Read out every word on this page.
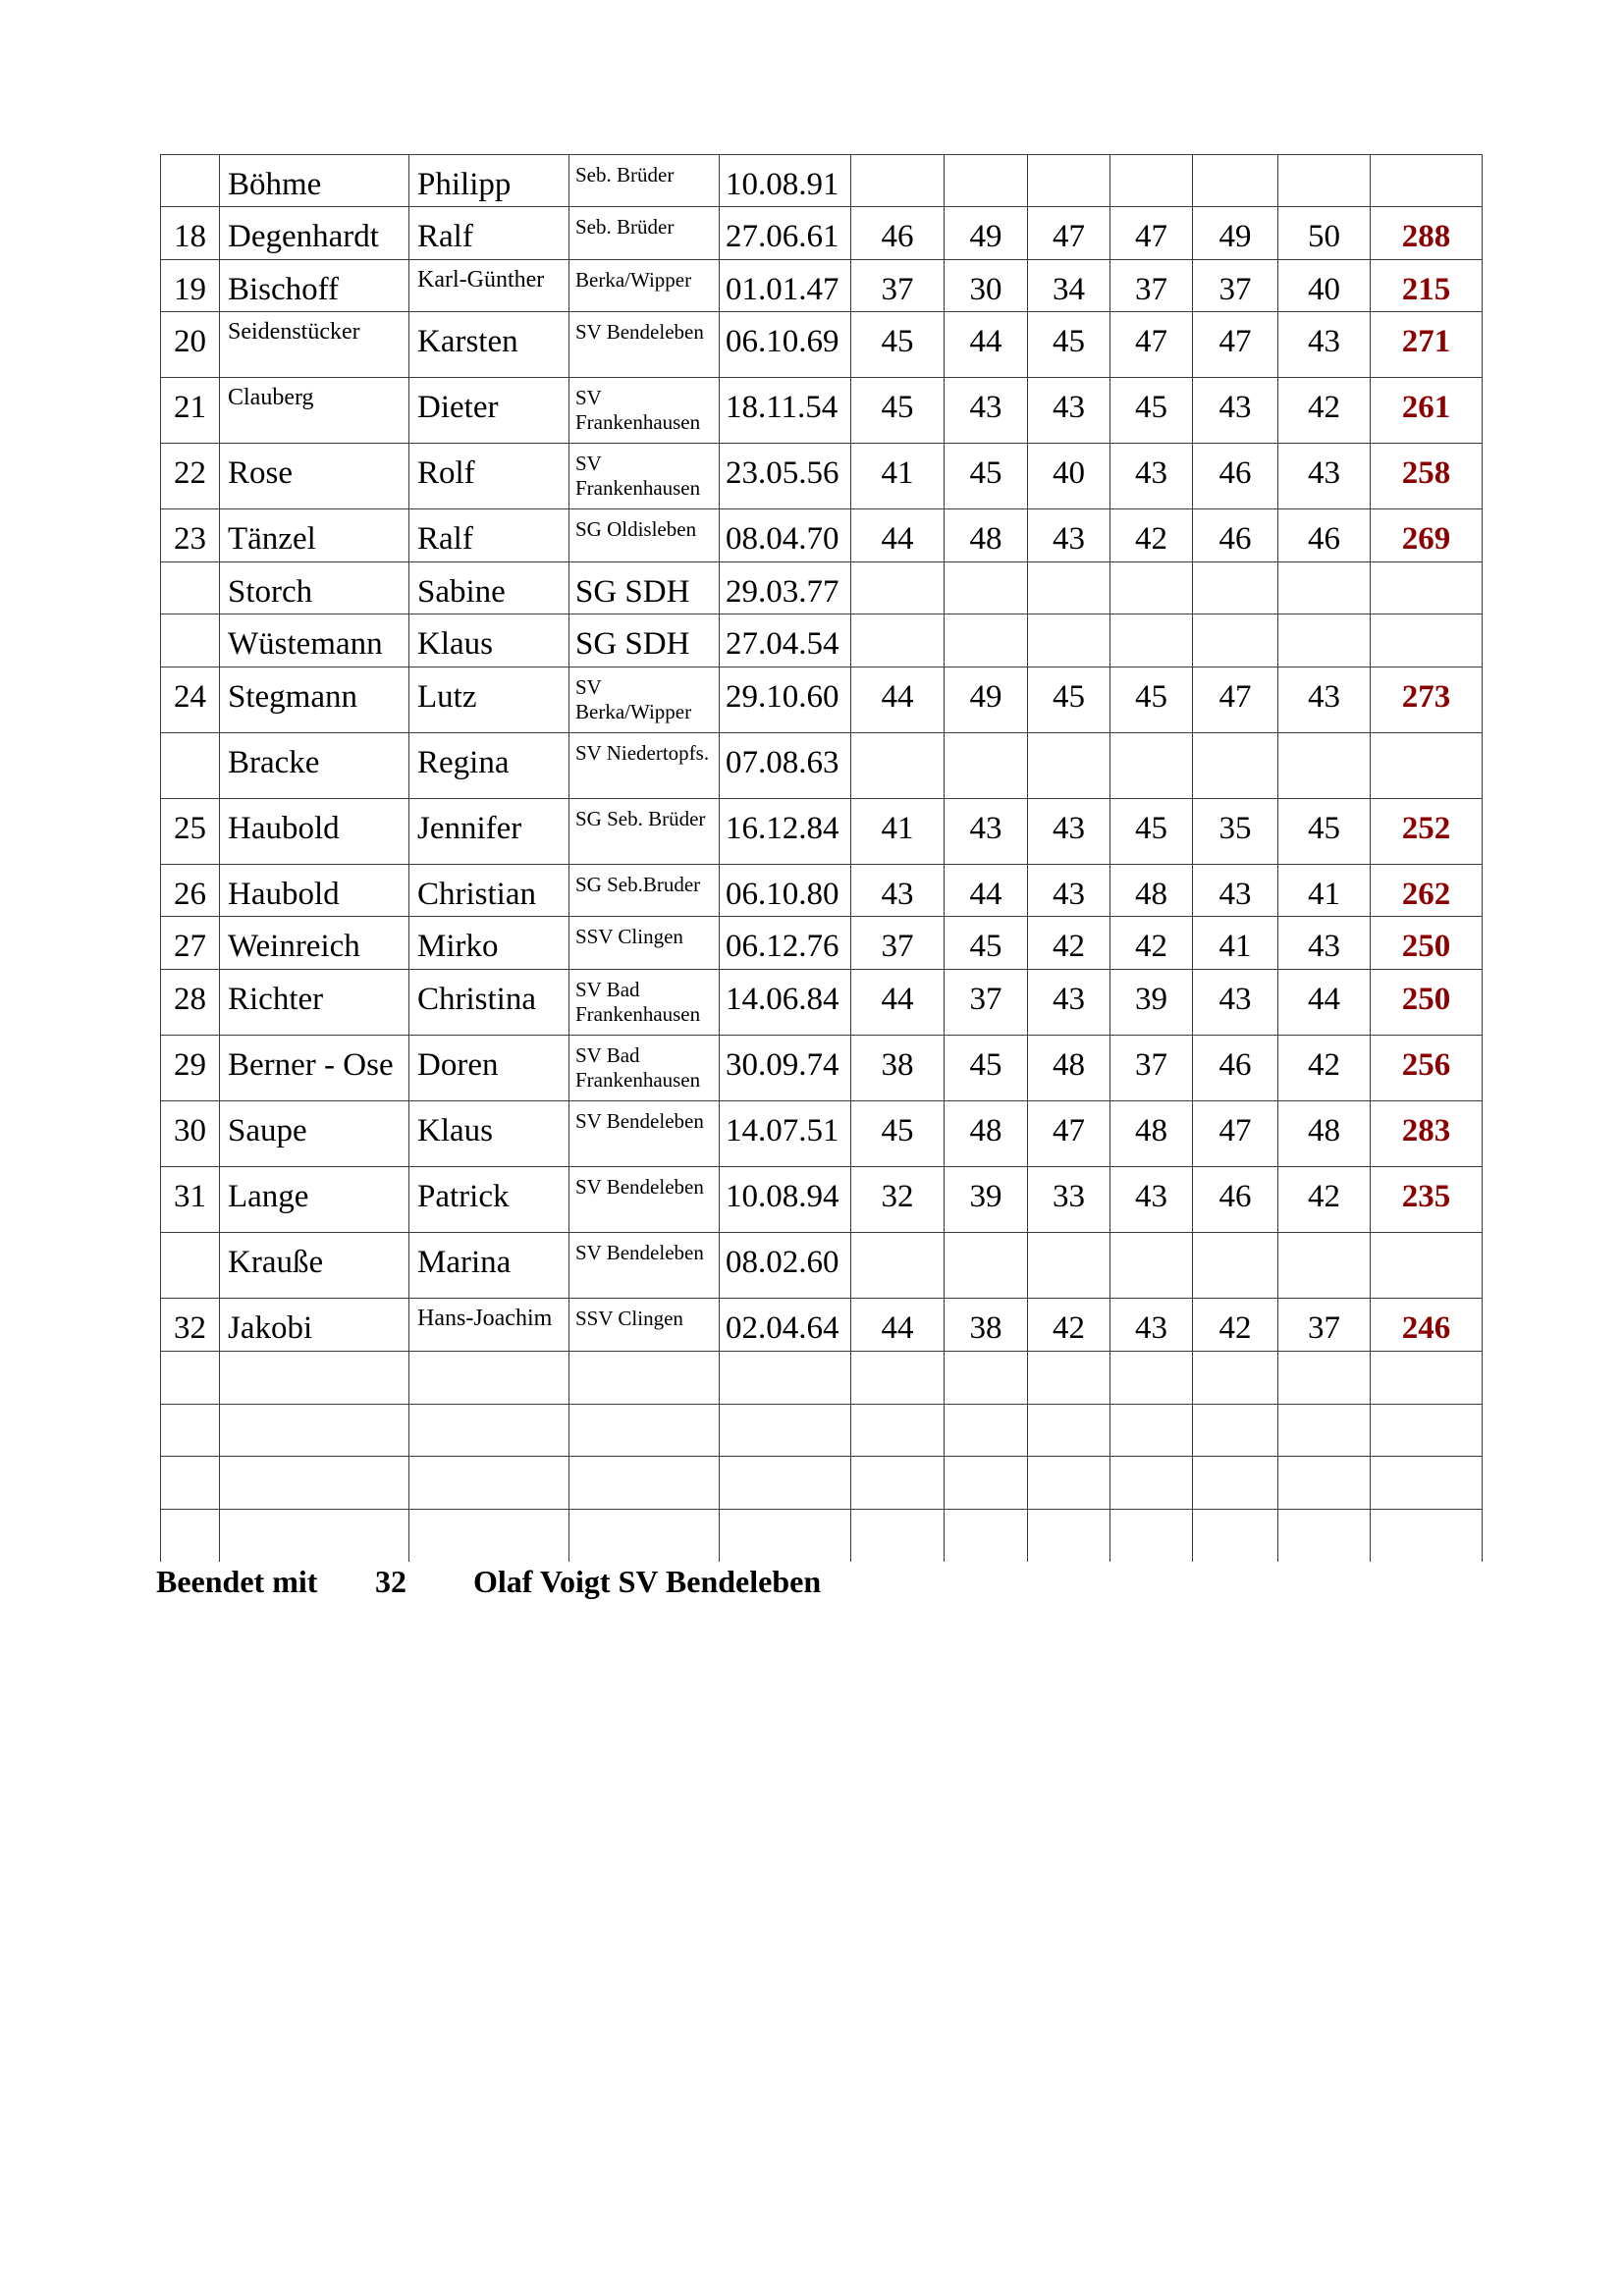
	Böhme	Philipp	Seb. Brüder	10.08.91							
18	Degenhardt	Ralf	Seb. Brüder	27.06.61	46	49	47	47	49	50	288
19	Bischoff	Karl-Günther	Berka/Wipper	01.01.47	37	30	34	37	37	40	215
20	Seidenstücker	Karsten	SV Bendeleben	06.10.69	45	44	45	47	47	43	271
21	Clauberg	Dieter	SV Frankenhausen	18.11.54	45	43	43	45	43	42	261
22	Rose	Rolf	SV Frankenhausen	23.05.56	41	45	40	43	46	43	258
23	Tänzel	Ralf	SG Oldisleben	08.04.70	44	48	43	42	46	46	269
	Storch	Sabine	SG SDH	29.03.77							
	Wüstemann	Klaus	SG SDH	27.04.54							
24	Stegmann	Lutz	SV Berka/Wipper	29.10.60	44	49	45	45	47	43	273
	Bracke	Regina	SV Niedertopfs.	07.08.63							
25	Haubold	Jennifer	SG Seb. Brüder	16.12.84	41	43	43	45	35	45	252
26	Haubold	Christian	SG Seb.Bruder	06.10.80	43	44	43	48	43	41	262
27	Weinreich	Mirko	SSV Clingen	06.12.76	37	45	42	42	41	43	250
28	Richter	Christina	SV Bad Frankenhausen	14.06.84	44	37	43	39	43	44	250
29	Berner - Ose	Doren	SV Bad Frankenhausen	30.09.74	38	45	48	37	46	42	256
30	Saupe	Klaus	SV Bendeleben	14.07.51	45	48	47	48	47	48	283
31	Lange	Patrick	SV Bendeleben	10.08.94	32	39	33	43	46	42	235
	Kraußе	Marina	SV Bendeleben	08.02.60							
32	Jakobi	Hans-Joachim	SSV Clingen	02.04.64	44	38	42	43	42	37	246

Beendet mit 32 Olaf Voigt SV Bendeleben
